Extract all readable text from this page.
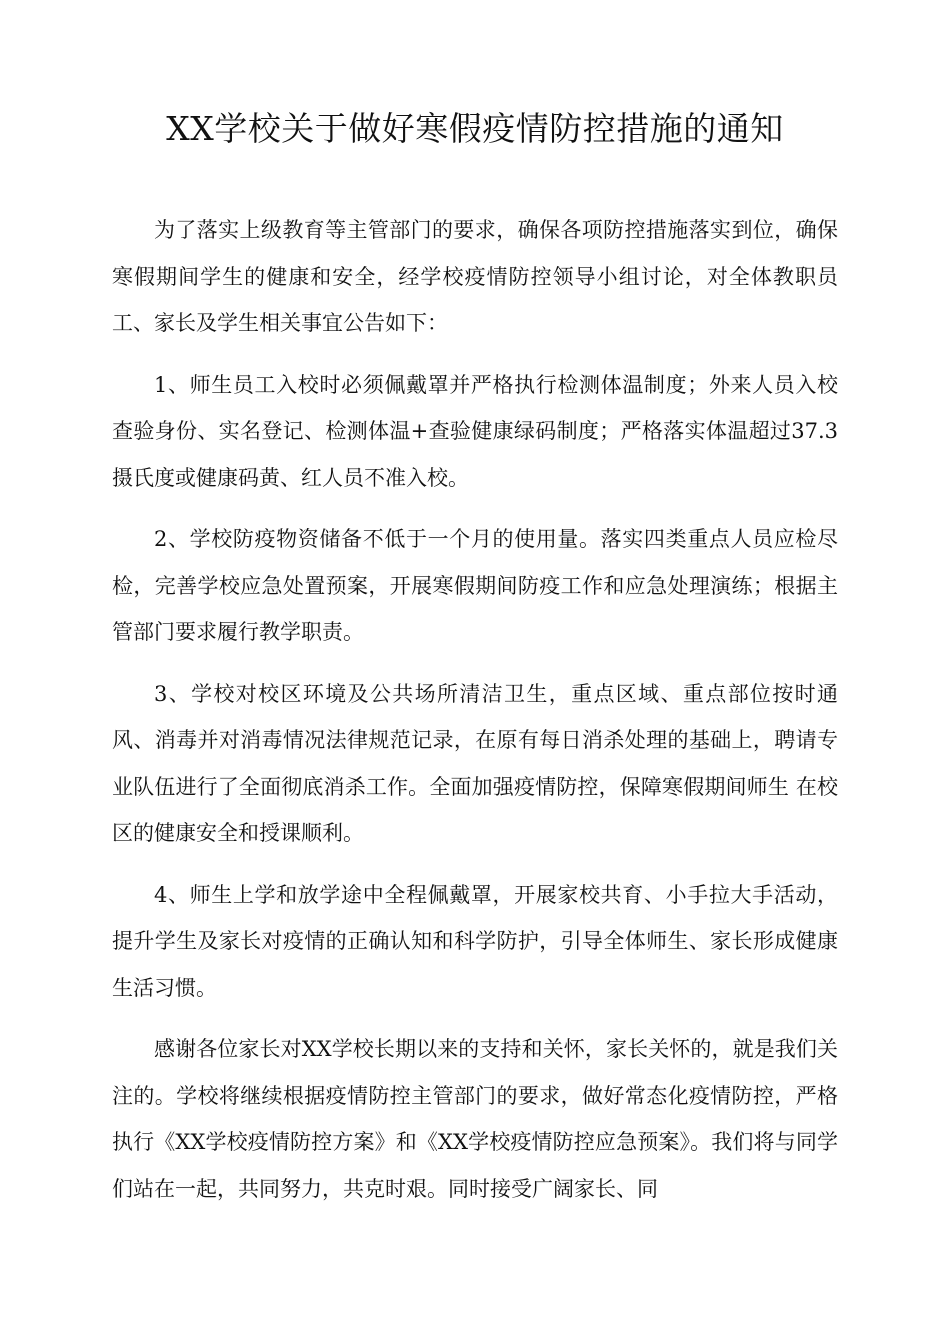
XX学校关于做好寒假疫情防控措施的通知

为了落实上级教育等主管部门的要求，确保各项防控措施落实到位，确保寒假期间学生的健康和安全，经学校疫情防控领导小组讨论，对全体教职员工、家长及学生相关事宜公告如下：

1、师生员工入校时必须佩戴罩并严格执行检测体温制度；外来人员入校查验身份、实名登记、检测体温+查验健康绿码制度；严格落实体温超过37.3摄氏度或健康码黄、红人员不准入校。

2、学校防疫物资储备不低于一个月的使用量。落实四类重点人员应检尽检，完善学校应急处置预案，开展寒假期间防疫工作和应急处理演练；根据主管部门要求履行教学职责。

3、学校对校区环境及公共场所清洁卫生，重点区域、重点部位按时通风、消毒并对消毒情况法律规范记录，在原有每日消杀处理的基础上，聘请专 业队伍进行了全面彻底消杀工作。全面加强疫情防控，保障寒假期间师生 在校区的健康安全和授课顺利。

4、师生上学和放学途中全程佩戴罩，开展家校共育、小手拉大手活动，提升学生及家长对疫情的正确认知和科学防护，引导全体师生、家长形成健康生活习惯。

感谢各位家长对XX学校长期以来的支持和关怀，家长关怀的，就是我们关注的。学校将继续根据疫情防控主管部门的要求，做好常态化疫情防控，严格执行《XX学校疫情防控方案》和《XX学校疫情防控应急预案》。我们将与同学们站在一起，共同努力，共克时艰。同时接受广阔家长、同
